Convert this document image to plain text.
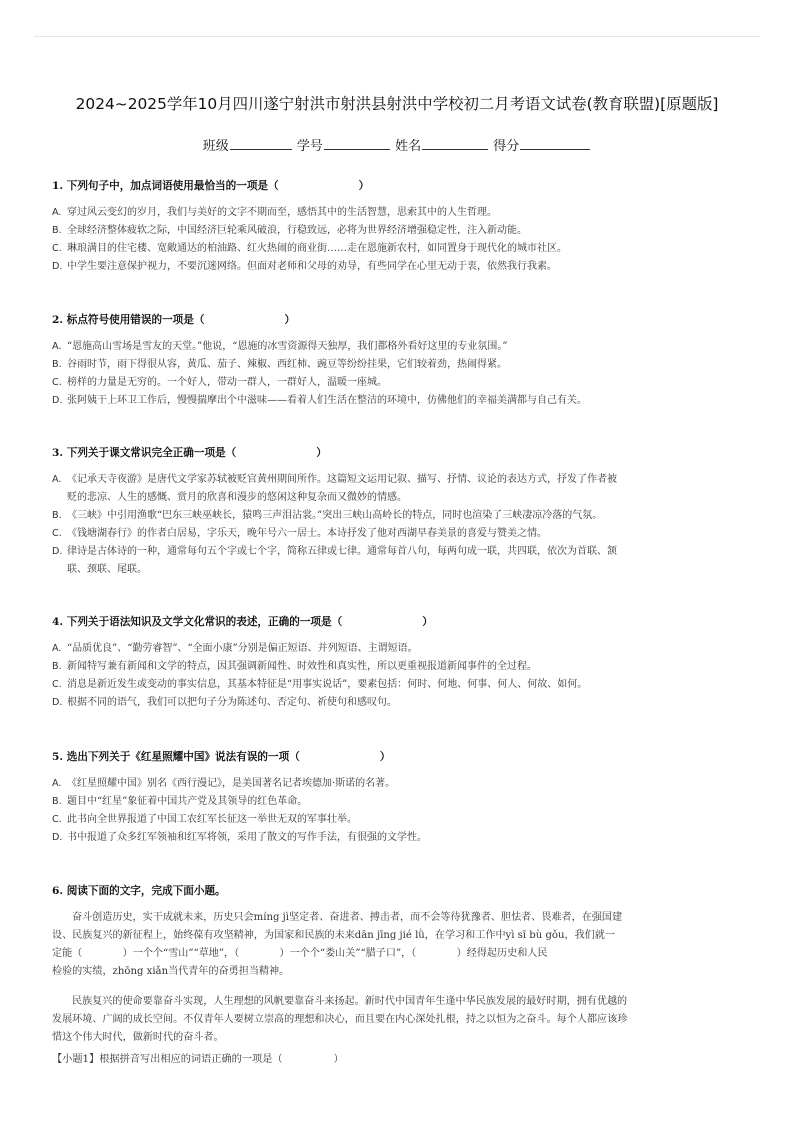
2024~2025学年10月四川遂宁射洪市射洪县射洪中学校初二月考语文试卷(教育联盟)[原题版]
班级	学号	姓名	得分
1. 下列句子中，加点词语使用最恰当的一项是（	）
A. 穿过风云变幻的岁月，我们与美好的文字不期而至，感悟其中的生活智慧，思索其中的人生哲理。
B. 全球经济整体疲软之际，中国经济巨轮乘风破浪，行稳致远，必将为世界经济增强稳定性，注入新动能。
C. 琳琅满目的住宅楼、宽敞通达的柏油路、红火热闹的商业街……走在恩施新农村，如同置身于现代化的城市社区。
D. 中学生要注意保护视力，不要沉迷网络。但面对老师和父母的劝导，有些同学在心里无动于衷，依然我行我素。
2. 标点符号使用错误的一项是（	）
A. “恩施高山雪场是雪友的天堂。”他说，“恩施的冰雪资源得天独厚，我们都格外看好这里的专业氛围。”
B. 谷雨时节，雨下得很从容，黄瓜、茄子、辣椒、西红柿、豌豆等纷纷挂果，它们较着劲，热闹得紧。
C. 榜样的力量是无穷的。一个好人，带动一群人，一群好人，温暖一座城。
D. 张阿姨干上环卫工作后，慢慢揣摩出个中滋味——看着人们生活在整洁的环境中，仿佛他们的幸福美满都与自己有关。
3. 下列关于课文常识完全正确一项是（	）
A. 《记承天寺夜游》是唐代文学家苏轼被贬官黄州期间所作。这篇短文运用记叙、描写、抒情、议论的表达方式，抒发了作者被
贬的悲凉、人生的感慨、赏月的欣喜和漫步的悠闲这种复杂而又微妙的情感。
B. 《三峡》中引用渔歌“巴东三峡巫峡长，猿鸣三声泪沾裳。”突出三峡山高岭长的特点，同时也渲染了三峡凄凉冷落的气氛。
C. 《钱塘湖春行》的作者白居易，字乐天，晚年号六一居士。本诗抒发了他对西湖早春美景的喜爱与赞美之情。
D. 律诗是古体诗的一种，通常每句五个字或七个字，简称五律或七律。通常每首八句，每两句成一联，共四联，依次为首联、颔
联、颈联、尾联。
4. 下列关于语法知识及文学文化常识的表述，正确的一项是（	）
A. “品质优良”、“勤劳睿智”、“全面小康”分别是偏正短语、并列短语、主谓短语。
B. 新闻特写兼有新闻和文学的特点，因其强调新闻性、时效性和真实性，所以更重视报道新闻事件的全过程。
C. 消息是新近发生或变动的事实信息，其基本特征是“用事实说话”，要素包括：何时、何地、何事、何人、何故、如何。
D. 根据不同的语气，我们可以把句子分为陈述句、否定句、祈使句和感叹句。
5. 选出下列关于《红星照耀中国》说法有误的一项（	）
A. 《红星照耀中国》别名《西行漫记》，是美国著名记者埃德加·斯诺的名著。
B. 题目中“红星”象征着中国共产党及其领导的红色革命。
C. 此书向全世界报道了中国工农红军长征这一举世无双的军事壮举。
D. 书中报道了众多红军领袖和红军将领，采用了散文的写作手法，有很强的文学性。
6. 阅读下面的文字，完成下面小题。

奋斗创造历史，实干成就未来，历史只会míng jì坚定者、奋进者、搏击者，而不会等待犹豫者、胆怯者、畏难者，在强国建
设、民族复兴的新征程上，始终葆有攻坚精神，为国家和民族的未来dān jīng jié lǜ，在学习和工作中yì sī bù gǒu，我们就一
定能（　　　　）一个个“雪山”“草地”，（　　　　）一个个“娄山关”“腊子口”，（　　　　）经得起历史和人民
检验的实绩，zhōng xiǎn当代青年的奋勇担当精神。

民族复兴的使命要靠奋斗实现，人生理想的风帆要靠奋斗来扬起。新时代中国青年生逢中华民族发展的最好时期，拥有优越的
发展环境、广阔的成长空间。不仅青年人要树立崇高的理想和决心，而且要在内心深处扎根，持之以恒为之奋斗。每个人都应该珍
惜这个伟大时代，做新时代的奋斗者。

【小题1】根据拼音写出相应的词语正确的一项是（　　　　　）
